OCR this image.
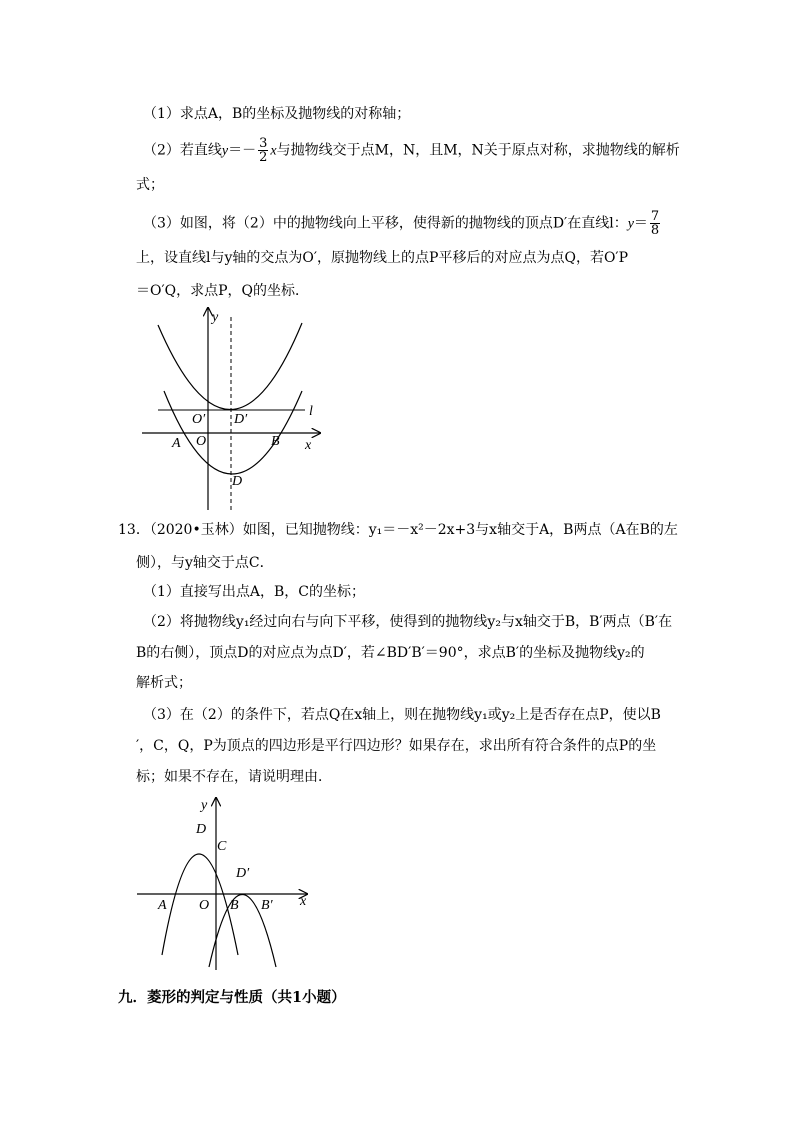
（1）求点A，B的坐标及抛物线的对称轴；
（2）若直线$y=- \frac{3}{2}$ x与抛物线交于点M，N，且M，N关于原点对称，求抛物线的解析
式；
（3）如图，将（2）中的抛物线向上平移，使得新的抛物线的顶点D′在直线l：$y= \frac{7}{8}$
上，设直线l与y轴的交点为O′，原抛物线上的点P平移后的对应点为点Q，若O′P
＝O′Q，求点P，Q的坐标．
y
l
O′ D′
A O	B x
D
13．（2020•玉林）如图，已知抛物线：y₁＝－x²－2x+3与x轴交于A，B两点（A在B的左
侧），与y轴交于点C．
（1）直接写出点A，B，C的坐标；
（2）将抛物线y₁经过向右与向下平移，使得到的抛物线y₂与x轴交于B，B′两点（B′在
B的右侧），顶点D的对应点为点D′，若∠BD′B′＝90°，求点B′的坐标及抛物线y₂的
解析式；
（3）在（2）的条件下，若点Q在x轴上，则在抛物线y₁或y₂上是否存在点P，使以B
′，C，Q，P为顶点的四边形是平行四边形？如果存在，求出所有符合条件的点P的坐
标；如果不存在，请说明理由．
y
D
C
D′
A O B B′ x
九．菱形的判定与性质（共1小题）
